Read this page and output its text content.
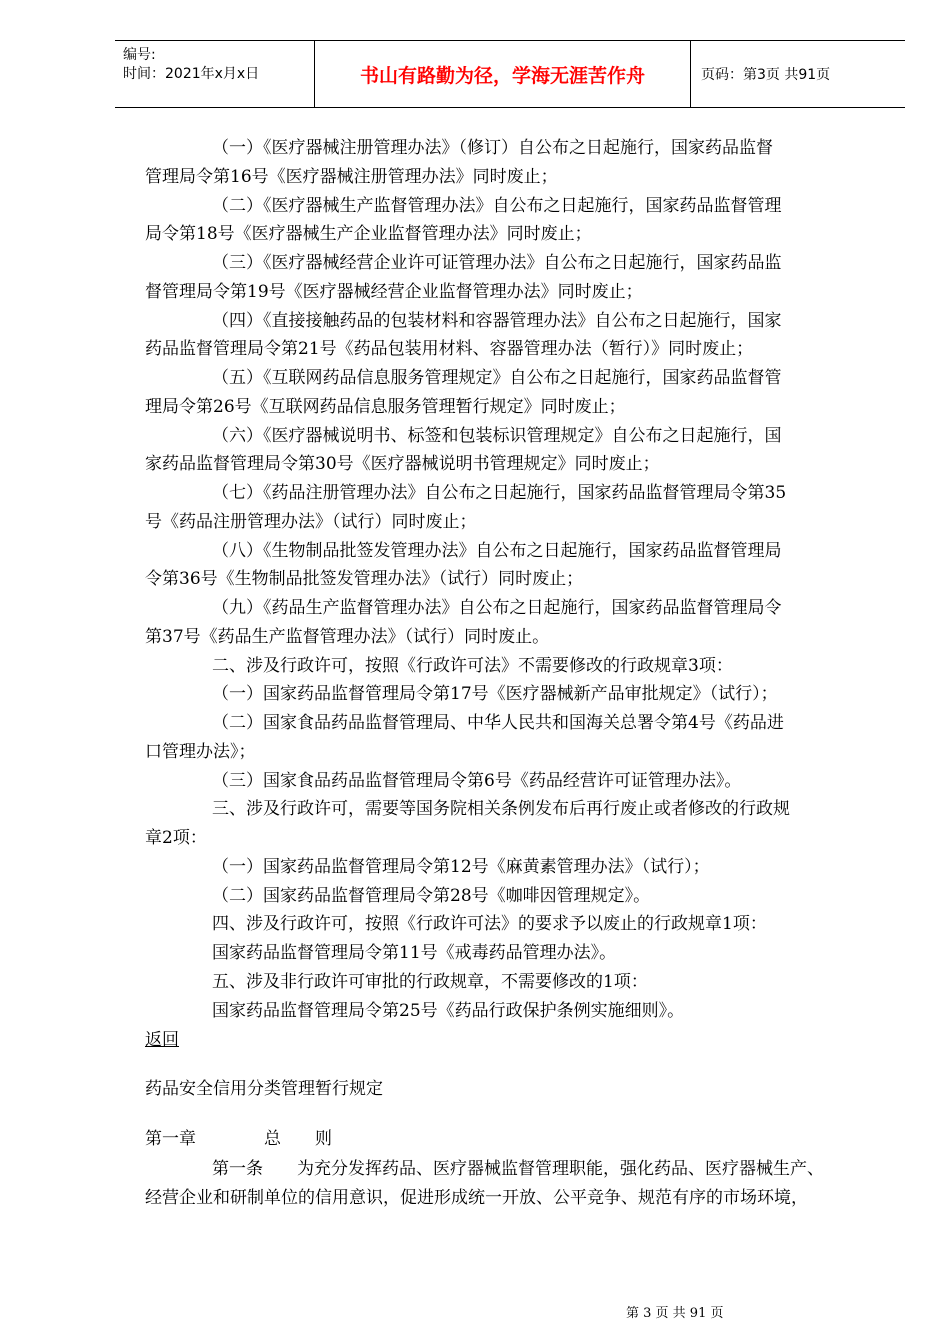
编号:
时间：2021年x月x日	书山有路勤为径，学海无涯苦作舟	页码：第3页 共91页
（一）《医疗器械注册管理办法》（修订）自公布之日起施行，国家药品监督
管理局令第16号《医疗器械注册管理办法》同时废止；
（二）《医疗器械生产监督管理办法》自公布之日起施行，国家药品监督管理
局令第18号《医疗器械生产企业监督管理办法》同时废止；
（三）《医疗器械经营企业许可证管理办法》自公布之日起施行，国家药品监
督管理局令第19号《医疗器械经营企业监督管理办法》同时废止；
（四）《直接接触药品的包装材料和容器管理办法》自公布之日起施行，国家
药品监督管理局令第21号《药品包装用材料、容器管理办法（暂行）》同时废止；
（五）《互联网药品信息服务管理规定》自公布之日起施行，国家药品监督管
理局令第26号《互联网药品信息服务管理暂行规定》同时废止；
（六）《医疗器械说明书、标签和包装标识管理规定》自公布之日起施行，国
家药品监督管理局令第30号《医疗器械说明书管理规定》同时废止；
（七）《药品注册管理办法》自公布之日起施行，国家药品监督管理局令第35
号《药品注册管理办法》（试行）同时废止；
（八）《生物制品批签发管理办法》自公布之日起施行，国家药品监督管理局
令第36号《生物制品批签发管理办法》（试行）同时废止；
（九）《药品生产监督管理办法》自公布之日起施行，国家药品监督管理局令
第37号《药品生产监督管理办法》（试行）同时废止。
二、涉及行政许可，按照《行政许可法》不需要修改的行政规章3项：
（一）国家药品监督管理局令第17号《医疗器械新产品审批规定》（试行）；
（二）国家食品药品监督管理局、中华人民共和国海关总署令第4号《药品进
口管理办法》；
（三）国家食品药品监督管理局令第6号《药品经营许可证管理办法》。
三、涉及行政许可，需要等国务院相关条例发布后再行废止或者修改的行政规
章2项：
（一）国家药品监督管理局令第12号《麻黄素管理办法》（试行）；
（二）国家药品监督管理局令第28号《咖啡因管理规定》。
四、涉及行政许可，按照《行政许可法》的要求予以废止的行政规章1项：
国家药品监督管理局令第11号《戒毒药品管理办法》。
五、涉及非行政许可审批的行政规章，不需要修改的1项：
国家药品监督管理局令第25号《药品行政保护条例实施细则》。
返回
药品安全信用分类管理暂行规定
第一章　　　　总　　则
第一条　　为充分发挥药品、医疗器械监督管理职能，强化药品、医疗器械生产、
经营企业和研制单位的信用意识，促进形成统一开放、公平竞争、规范有序的市场环境，
第 3 页 共 91 页
